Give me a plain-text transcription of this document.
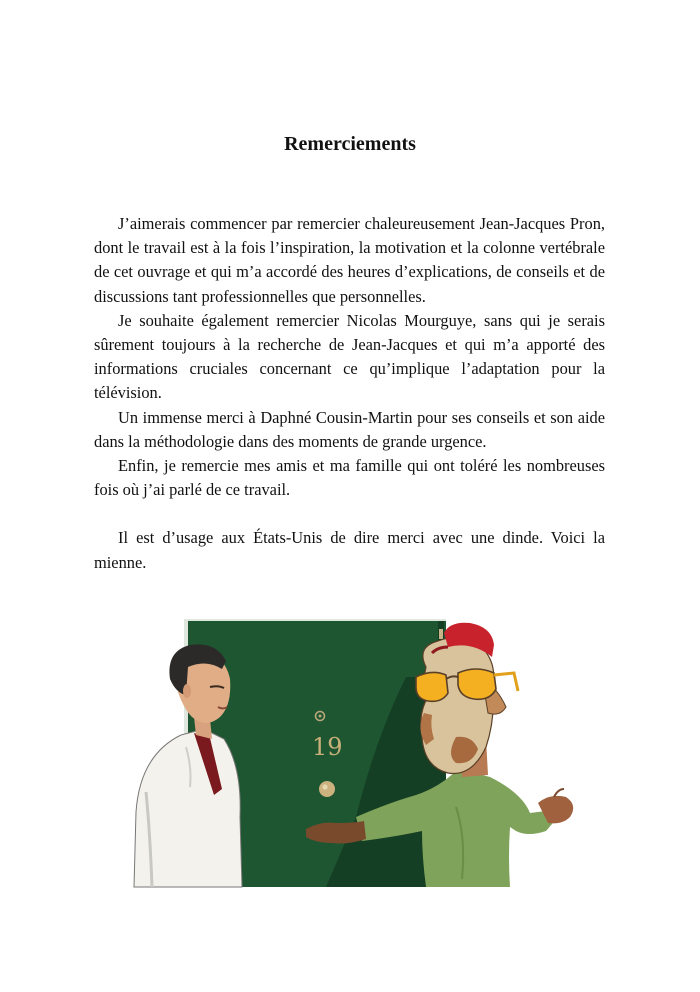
Remerciements

J’aimerais commencer par remercier chaleureusement Jean-Jacques Pron, dont le travail est à la fois l’inspiration, la motivation et la colonne vertébrale de cet ouvrage et qui m’a accordé des heures d’explications, de conseils et de discussions tant professionnelles que personnelles.

Je souhaite également remercier Nicolas Mourguye, sans qui je serais sûrement toujours à la recherche de Jean-Jacques et qui m’a apporté des informations cruciales concernant ce qu’implique l’adaptation pour la télévision.

Un immense merci à Daphné Cousin-Martin pour ses conseils et son aide dans la méthodologie dans des moments de grande urgence.

Enfin, je remercie mes amis et ma famille qui ont toléré les nombreuses fois où j’ai parlé de ce travail.

Il est d’usage aux États-Unis de dire merci avec une dinde. Voici la mienne.

19
